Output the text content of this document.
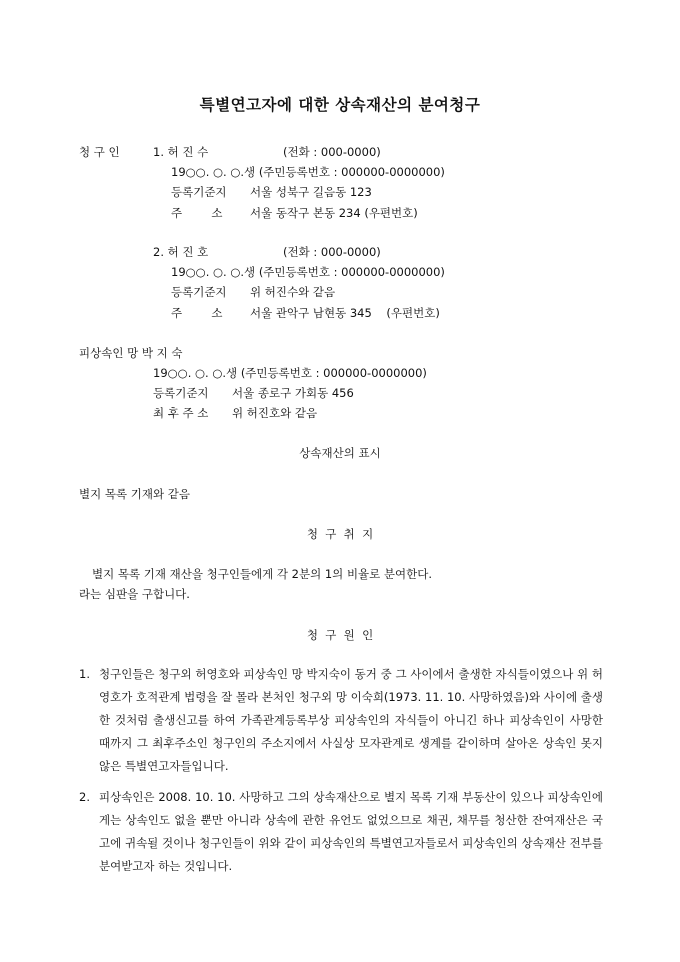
특별연고자에 대한 상속재산의 분여청구
청 구 인	1. 허 진 수	(전화 : 000-0000)
19○○. ○. ○.생 (주민등록번호 : 000000-0000000)
등록기준지 서울 성북구 길음동 123
주        소 서울 동작구 본동 234 (우편번호)
2. 허 진 호	(전화 : 000-0000)
19○○. ○. ○.생 (주민등록번호 : 000000-0000000)
등록기준지 위 허진수와 같음
주        소 서울 관악구 남현동 345    (우편번호)
피상속인 망 박 지 숙
19○○. ○. ○.생 (주민등록번호 : 000000-0000000)
등록기준지 서울 종로구 가회동 456
최 후 주 소 위 허진호와 같음
상속재산의 표시
별지 목록 기재와 같음
청  구  취  지
별지 목록 기재 재산을 청구인들에게 각 2분의 1의 비율로 분여한다.
라는 심판을 구합니다.
청  구  원  인
1. 청구인들은 청구외 허영호와 피상속인 망 박지숙이 동거 중 그 사이에서 출생한 자식들이였으나 위 허영호가 호적관계 법령을 잘 몰라 본처인 청구외 망 이숙희(1973. 11. 10. 사망하였음)와 사이에 출생한 것처럼 출생신고를 하여 가족관계등록부상 피상속인의 자식들이 아니긴 하나 피상속인이 사망한 때까지 그 최후주소인 청구인의 주소지에서 사실상 모자관계로 생계를 같이하며 살아온 상속인 못지 않은 특별연고자들입니다.
2. 피상속인은 2008. 10. 10. 사망하고 그의 상속재산으로 별지 목록 기재 부동산이 있으나 피상속인에게는 상속인도 없을 뿐만 아니라 상속에 관한 유언도 없었으므로 채권, 채무를 청산한 잔여재산은 국고에 귀속될 것이나 청구인들이 위와 같이 피상속인의 특별연고자들로서 피상속인의 상속재산 전부를 분여받고자 하는 것입니다.
